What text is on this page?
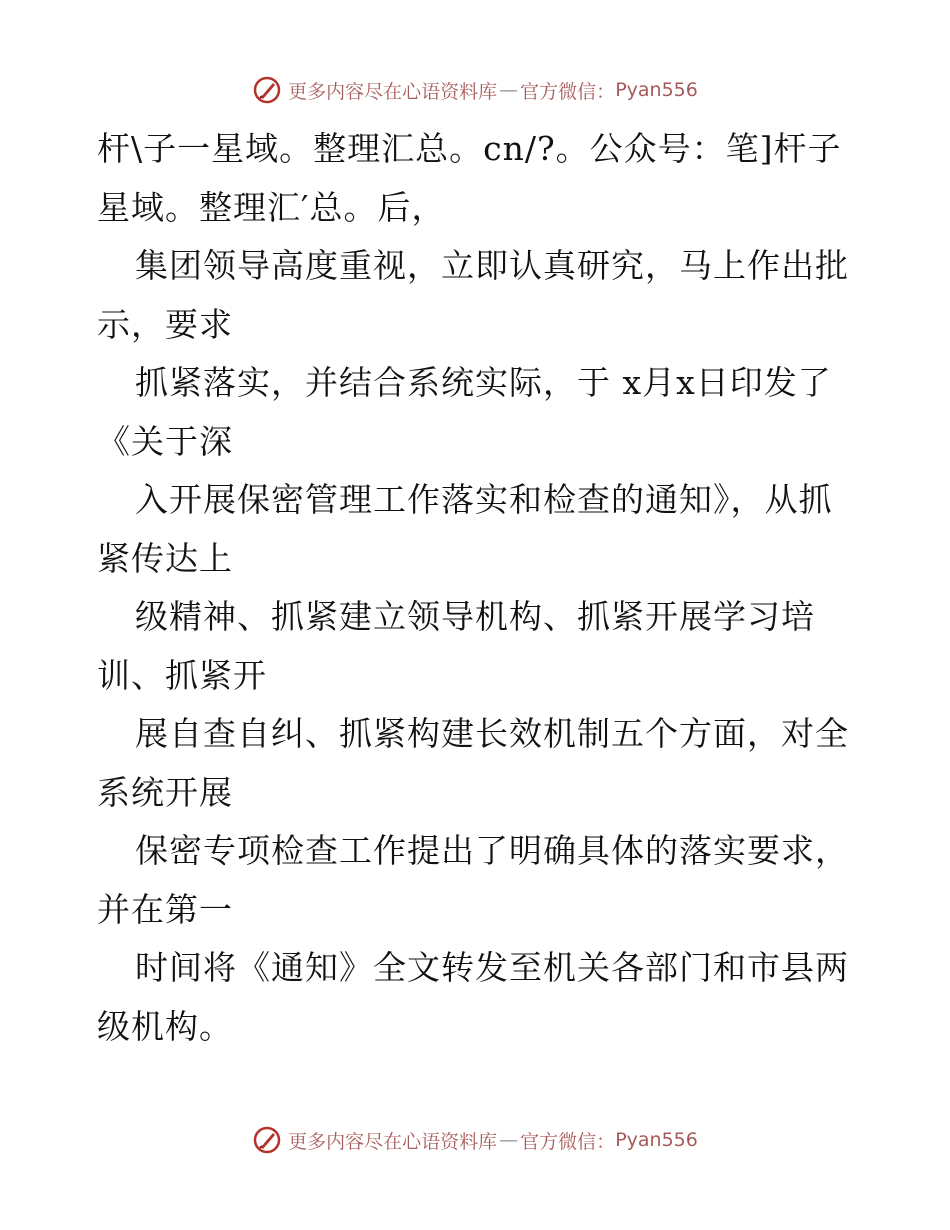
更多内容尽在心语资料库 — 官方微信： Pyan556
杆\子一星域。整理汇总。cn/?。公众号：笔]杆子
星域。整理汇′总。后，
集团领导高度重视，立即认真研究，马上作出批
示，要求
抓紧落实，并结合系统实际，于 x月x日印发了
《关于深
入开展保密管理工作落实和检查的通知》，从抓
紧传达上
级精神、抓紧建立领导机构、抓紧开展学习培
训、抓紧开
展自查自纠、抓紧构建长效机制五个方面，对全
系统开展
保密专项检查工作提出了明确具体的落实要求，
并在第一
时间将《通知》全文转发至机关各部门和市县两
级机构。
更多内容尽在心语资料库 — 官方微信： Pyan556
